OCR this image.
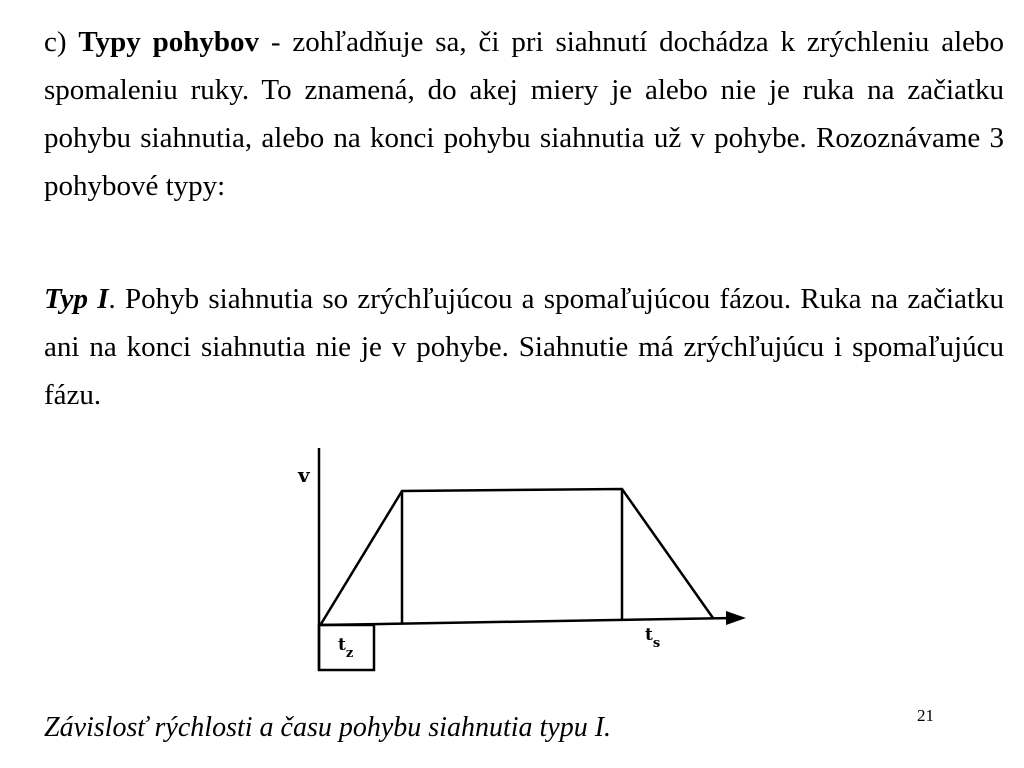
c) Typy pohybov - zohľadňuje sa, či pri siahnutí dochádza k zrýchleniu alebo spomaleniu ruky. To znamená, do akej miery je alebo nie je ruka na začiatku pohybu siahnutia, alebo na konci pohybu siahnutia už v pohybe. Rozoznávame 3 pohybové typy:

Typ I. Pohyb siahnutia so zrýchľujúcou a spomaľujúcou fázou. Ruka na začiatku ani na konci siahnutia nie je v pohybe. Siahnutie má zrýchľujúcu i spomaľujúcu fázu.

v
$t_z$
$t_s$

Závislosť rýchlosti a času pohybu siahnutia typu I.	21
